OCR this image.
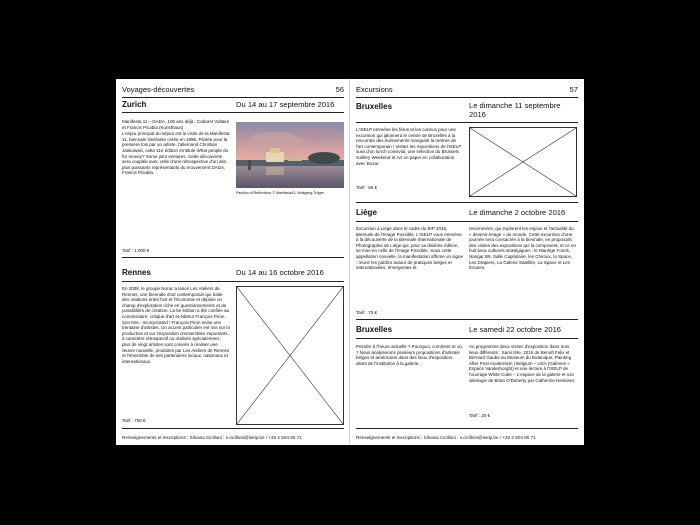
Voyages-découvertes	56
Zurich	Du 14 au 17 septembre 2016
Manifesta 11 – DADA, 100 ans déjà : Cabaret Voltaire et Francis Picabia (Kunsthaus)
L'enjeu principal du séjour est la visite de la Manifesta 11, biennale itinérante créée en 1996. Pilotée pour la première fois par un artiste, l'allemand Christian Jankowski, cette 11e édition s'intitule What people do for money? Some joint ventures. Cette découverte sera couplée avec celle d'une rétrospective d'un des plus puissants représentants du mouvement DADA, Francis Picabia.
Pavillon of Reflections © Manifesta11, Wolfgang Träger
Tarif : 1 000 €
Rennes	Du 14 au 16 octobre 2016
En 2008, le groupe Norac a lancé Les Ateliers de Rennes, une biennale d'art contemporain qui traite des relations entre l'art et l'économie et déploie un champ d'exploration riche en questionnements et de possibilités de création. La 5e édition a été confiée au commissaire, critique d'art et éditeur François Piron. Son titre : Incorporated ! François Piron invite une trentaine d'artistes. Un accent particulier est mis sur la production et sur l'exposition d'ensembles importants, à caractère rétrospectif ou réalisés spécialement ; plus de vingt artistes sont conviés à réaliser une œuvre nouvelle, produites par Les Ateliers de Rennes et l'ensemble de ses partenaires locaux, nationaux et internationaux.
Tarif : 750 €
Renseignements et inscriptions : Silvana Cicilloni : s.cicilloni@iselp.be / +32 2 504 80 71
Excursions	57
Bruxelles	Le dimanche 11 septembre 2016
L'ISELP emmène les férus et les curieux pour une excursion qui jalonnera le centre de Bruxelles à la rencontre des événements marquant la rentrée de l'art contemporain ! Visitez les expositions de l'ISELP suivi d'un lunch convivial, une sélection du Brussels Gallery Weekend et Art on paper en collaboration avec Bozar.
Tarif : 55 €
Liège	Le dimanche 2 octobre 2016
Excursion à Liège dans le cadre du BIP 2016, Biennale de l'Image Possible. L'ISELP vous emmène à la découverte de la Biennale Internationale de Photographie de Liège qui, pour sa dixième édition, se mue en celle de l'Image Possible. Sous cette appellation nouvelle, la manifestation affirme un signe : réunir les publics autour de pratiques belges et internationales, émergentes et
renommées, qui explorent les enjeux et l'actualité du « devenir-image » du monde. Cette excursion d'une journée sera consacrée à la biennale, en proposant des visites des expositions qui la composent, et ce en huit lieux culturels stratégiques : le Manège Fonck, Hangar B9, Salle Capitulaire, les Chiroux, la Space, Les Drapiers, La Galerie Satellite, La Space et Les Écuries.
Tarif : 70 €
Bruxelles	Le samedi 22 octobre 2016
Peindre à l'heure actuelle ? Pourquoi, comment et où ? Nous analyserons plusieurs propositions d'artistes belges et américains dans des lieux d'exposition allant de l'institution à la galerie…
Au programme deux visites d'exposition dans trois lieux différents : Sans titre, 2016 de Benoît Felix et Bernard Gaube au Museum du Botanique, Painting After Post-modernism | Belgium – USA (Galeries « Espace Vanderborght) et une lecture à l'ISELP de l'ouvrage White Cube – L'espace de la galerie et son idéologie de Brian O'Doherty par Catherine Henkinet.
Tarif : 20 €
Renseignements et inscriptions : Silvana Cicilloni : s.cicilloni@iselp.be / +32 2 504 80 71
